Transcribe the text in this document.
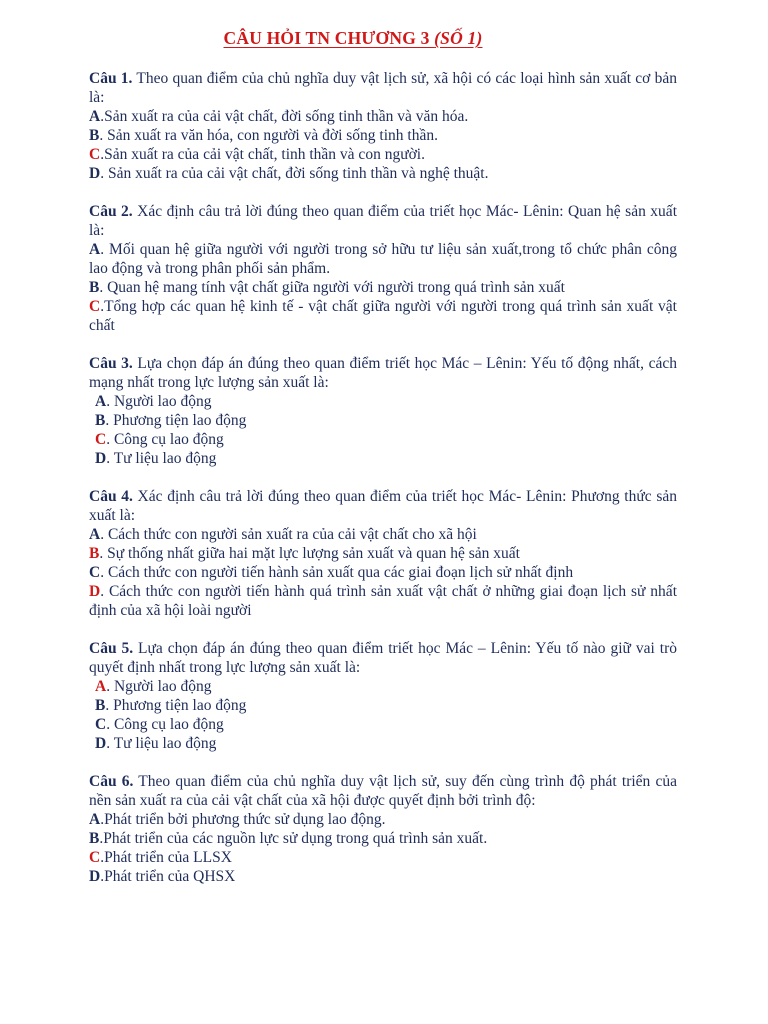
CÂU HỎI TN CHƯƠNG 3 (SỐ 1)

Câu 1. Theo quan điểm của chủ nghĩa duy vật lịch sử, xã hội có các loại hình sản xuất cơ bản là:

A.Sản xuất ra của cải vật chất, đời sống tinh thần và văn hóa.

B. Sản xuất ra văn hóa, con người và đời sống tinh thần.

C.Sản xuất ra của cải vật chất, tinh thần và con người.

D. Sản xuất ra của cải vật chất, đời sống tinh thần và nghệ thuật.

Câu 2. Xác định câu trả lời đúng theo quan điểm của triết học Mác- Lênin: Quan hệ sản xuất là:

A. Mối quan hệ giữa người với người trong sở hữu tư liệu sản xuất,trong tổ chức phân công lao động và trong phân phối sản phẩm.

B. Quan hệ mang tính vật chất giữa người với người trong quá trình sản xuất

C.Tổng hợp các quan hệ kinh tế - vật chất giữa người với người trong quá trình sản xuất vật chất

Câu 3. Lựa chọn đáp án đúng theo quan điểm triết học Mác – Lênin: Yếu tố động nhất, cách mạng nhất trong lực lượng sản xuất là:

A. Người lao động

B. Phương tiện lao động

C. Công cụ lao động

D. Tư liệu lao động

Câu 4. Xác định câu trả lời đúng theo quan điểm của triết học Mác- Lênin: Phương thức sản xuất là:

A. Cách thức con người sản xuất ra của cải vật chất cho xã hội

B. Sự thống nhất giữa hai mặt lực lượng sản xuất và quan hệ sản xuất

C. Cách thức con người tiến hành sản xuất qua các giai đoạn lịch sử nhất định

D. Cách thức con người tiến hành quá trình sản xuất vật chất ở những giai đoạn lịch sử nhất định của xã hội loài người

Câu 5. Lựa chọn đáp án đúng theo quan điểm triết học Mác – Lênin: Yếu tố nào giữ vai trò quyết định nhất trong lực lượng sản xuất là:

A. Người lao động

B. Phương tiện lao động

C. Công cụ lao động

D. Tư liệu lao động

Câu 6. Theo quan điểm của chủ nghĩa duy vật lịch sử, suy đến cùng trình độ phát triển của nền sản xuất ra của cải vật chất của xã hội được quyết định bởi trình độ:

A.Phát triển bởi phương thức sử dụng lao động.

B.Phát triển của các nguồn lực sử dụng trong quá trình sản xuất.

C.Phát triển của LLSX

D.Phát triển của QHSX
